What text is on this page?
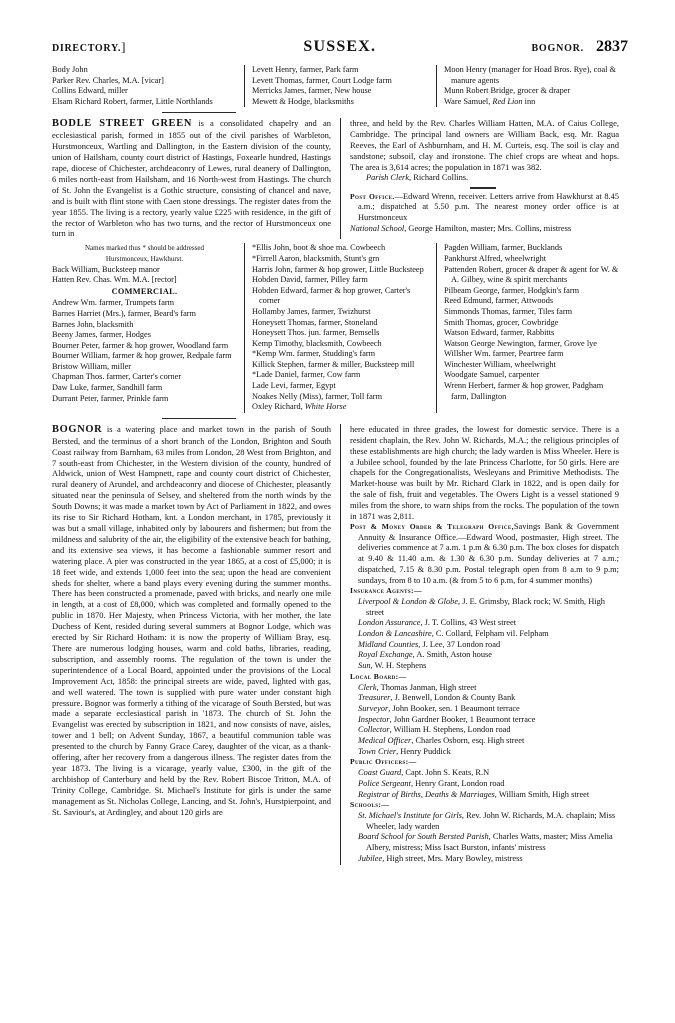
DIRECTORY.]	SUSSEX.	BOGNOR. 2837

Body John

Parker Rev. Charles, M.A. [vicar]

Collins Edward, miller

Elsam Richard Robert, farmer, Little Northlands

Levett Henry, farmer, Park farm

Levett Thomas, farmer, Court Lodge farm

Merricks James, farmer, New house

Mewett & Hodge, blacksmiths

Moon Henry (manager for Hoad Bros. Rye), coal & manure agents

Munn Robert Bridge, grocer & draper

Ware Samuel, Red Lion inn

BODLE STREET GREEN is a consolidated chapelry and an ecclesiastical parish, formed in 1855 out of the civil parishes of Warbleton, Hurstmonceux, Wartling and Dallington, in the Eastern division of the county, union of Hailsham, county court district of Hastings, Foxearle hundred, Hastings rape, diocese of Chichester, archdeaconry of Lewes, rural deanery of Dallington, 6 miles north-east from Hailsham, and 16 North-west from Hastings. The church of St. John the Evangelist is a Gothic structure, consisting of chancel and nave, and is built with flint stone with Caen stone dressings. The register dates from the year 1855. The living is a rectory, yearly value £225 with residence, in the gift of the rector of Warbleton who has two turns, and the rector of Hurstmonceux one turn in

three, and held by the Rev. Charles William Hatten, M.A. of Caius College, Cambridge. The principal land owners are William Back, esq. Mr. Ragua Reeves, the Earl of Ashburnham, and H. M. Curteis, esq. The soil is clay and sandstone; subsoil, clay and ironstone. The chief crops are wheat and hops. The area is 3,614 acres; the population in 1871 was 382.

Parish Clerk, Richard Collins.

Post Office.—Edward Wrenn, receiver. Letters arrive from Hawkhurst at 8.45 a.m.; dispatched at 5.50 p.m. The nearest money order office is at Hurstmonceux

National School, George Hamilton, master; Mrs. Collins, mistress

Names marked thus * should be addressed

Hurstmonceux, Hawkhurst.

Back William, Bucksteep manor

Hatten Rev. Chas. Wm. M.A. [rector]

COMMERCIAL.

Andrew Wm. farmer, Trumpets farm

Barnes Harriet (Mrs.), farmer, Beard's farm

Barnes John, blacksmith

Beeny James, farmer, Hodges

Bourner Peter, farmer & hop grower, Woodland farm

Bourner William, farmer & hop grower, Redpale farm

Bristow William, miller

Chapman Thos. farmer, Carter's corner

Daw Luke, farmer, Sandhill farm

Durrant Peter, farmer, Prinkle farm

*Ellis John, boot & shoe ma. Cowbeech

*Firrell Aaron, blacksmith, Stunt's grn

Harris John, farmer & hop grower, Little Bucksteep

Hobden David, farmer, Pilley farm

Hobden Edward, farmer & hop grower, Carter's corner

Hollamby James, farmer, Twizhurst

Honeysett Thomas, farmer, Stoneland

Honeysett Thos. jun. farmer, Bemsells

Kemp Timothy, blacksmith, Cowbeech

*Kemp Wm. farmer, Studding's farm

Killick Stephen, farmer & miller, Bucksteep mill

*Lade Daniel, farmer, Cow farm

Lade Levi, farmer, Egypt

Noakes Nelly (Miss), farmer, Toll farm

Oxley Richard, White Horse

Pagden William, farmer, Bucklands

Pankhurst Alfred, wheelwright

Pattenden Robert, grocer & draper & agent for W. & A. Gilbey, wine & spirit merchants

Pilbeam George, farmer, Hodgkin's farm

Reed Edmund, farmer, Attwoods

Simmonds Thomas, farmer, Tiles farm

Smith Thomas, grocer, Cowbridge

Watson Edward, farmer, Rabbitts

Watson George Newington, farmer, Grove lye

Willsher Wm. farmer, Peartree farm

Winchester William, wheelwright

Woodgate Samuel, carpenter

Wrenn Herbert, farmer & hop grower, Padgham farm, Dallington

BOGNOR is a watering place and market town in the parish of South Bersted, and the terminus of a short branch of the London, Brighton and South Coast railway from Barnham, 63 miles from London, 28 West from Brighton, and 7 south-east from Chichester, in the Western division of the county, hundred of Aldwick, union of West Hampnett, rape and county court district of Chichester, rural deanery of Arundel, and archdeaconry and diocese of Chichester, pleasantly situated near the peninsula of Selsey, and sheltered from the north winds by the South Downs; it was made a market town by Act of Parliament in 1822, and owes its rise to Sir Richard Hotham, knt. a London merchant, in 1785, previously it was but a small village, inhabited only by labourers and fishermen; but from the mildness and salubrity of the air, the eligibility of the extensive beach for bathing, and its extensive sea views, it has become a fashionable summer resort and watering place. A pier was constructed in the year 1865, at a cost of £5,000; it is 18 feet wide, and extends 1,000 feet into the sea; upon the head are convenient sheds for shelter, where a band plays every evening during the summer months. There has been constructed a promenade, paved with bricks, and nearly one mile in length, at a cost of £8,000, which was completed and formally opened to the public in 1870. Her Majesty, when Princess Victoria, with her mother, the late Duchess of Kent, resided during several summers at Bognor Lodge, which was erected by Sir Richard Hotham: it is now the property of William Bray, esq. There are numerous lodging houses, warm and cold baths, libraries, reading, subscription, and assembly rooms. The regulation of the town is under the superintendence of a Local Board, appointed under the provisions of the Local Improvement Act, 1858: the principal streets are wide, paved, lighted with gas, and well watered. The town is supplied with pure water under constant high pressure. Bognor was formerly a tithing of the vicarage of South Bersted, but was made a separate ecclesiastical parish in '1873. The church of St. John the Evangelist was erected by subscription in 1821, and now consists of nave, aisles, tower and 1 bell; on Advent Sunday, 1867, a beautiful communion table was presented to the church by Fanny Grace Carey, daughter of the vicar, as a thank-offering, after her recovery from a dangerous illness. The register dates from the year 1873. The living is a vicarage, yearly value, £300, in the gift of the archbishop of Canterbury and held by the Rev. Robert Biscoe Tritton, M.A. of Trinity College, Cambridge. St. Michael's Institute for girls is under the same management as St. Nicholas College, Lancing, and St. John's, Hurstpierpoint, and St. Saviour's, at Ardingley, and about 120 girls are

here educated in three grades, the lowest for domestic service. There is a resident chaplain, the Rev. John W. Richards, M.A.; the religious principles of these establishments are high church; the lady warden is Miss Wheeler. Here is a Jubilee school, founded by the late Princess Charlotte, for 50 girls. Here are chapels for the Congregationalists, Wesleyans and Primitive Methodists. The Market-house was built by Mr. Richard Clark in 1822, and is open daily for the sale of fish, fruit and vegetables. The Owers Light is a vessel stationed 9 miles from the shore, to warn ships from the rocks. The population of the town in 1871 was 2,811.

Post & Money Order & Telegraph Office,Savings Bank & Government Annuity & Insurance Office.—Edward Wood, postmaster, High street. The deliveries commence at 7 a.m. 1 p.m & 6.30 p.m. The box closes for dispatch at 9.40 & 11.40 a.m. & 1.30 & 6.30 p.m. Sunday deliveries at 7 a.m.; dispatched, 7.15 & 8.30 p.m. Postal telegraph open from 8 a.m to 9 p.m; sundays, from 8 to 10 a.m. (& from 5 to 6 p.m, for 4 summer months)

Insurance Agents:—

Liverpool & London & Globe, J. E. Grimsby, Black rock; W. Smith, High street

London Assurance, J. T. Collins, 43 West street

London & Lancashire, C. Collard, Felpham vil. Felpham

Midland Counties, J. Lee, 37 London road

Royal Exchange, A. Smith, Aston house

Sun, W. H. Stephens

Local Board:—

Clerk, Thomas Janman, High street

Treasurer, J. Benwell, London & County Bank

Surveyor, John Booker, sen. 1 Beaumont terrace

Inspector, John Gardner Booker, 1 Beaumont terrace

Collector, William H. Stephens, London road

Medical Officer, Charles Osborn, esq. High street

Town Crier, Henry Puddick

Public Officers:—

Coast Guard, Capt. John S. Keats, R.N

Police Sergeant, Henry Grant, London road

Registrar of Births, Deaths & Marriages, William Smith, High street

Schools:—

St. Michael's Institute for Girls, Rev. John W. Richards, M.A. chaplain; Miss Wheeler, lady warden

Board School for South Bersted Parish, Charles Watts, master; Miss Amelia Albery, mistress; Miss Isact Burston, infants' mistress

Jubilee, High street, Mrs. Mary Bowley, mistress
